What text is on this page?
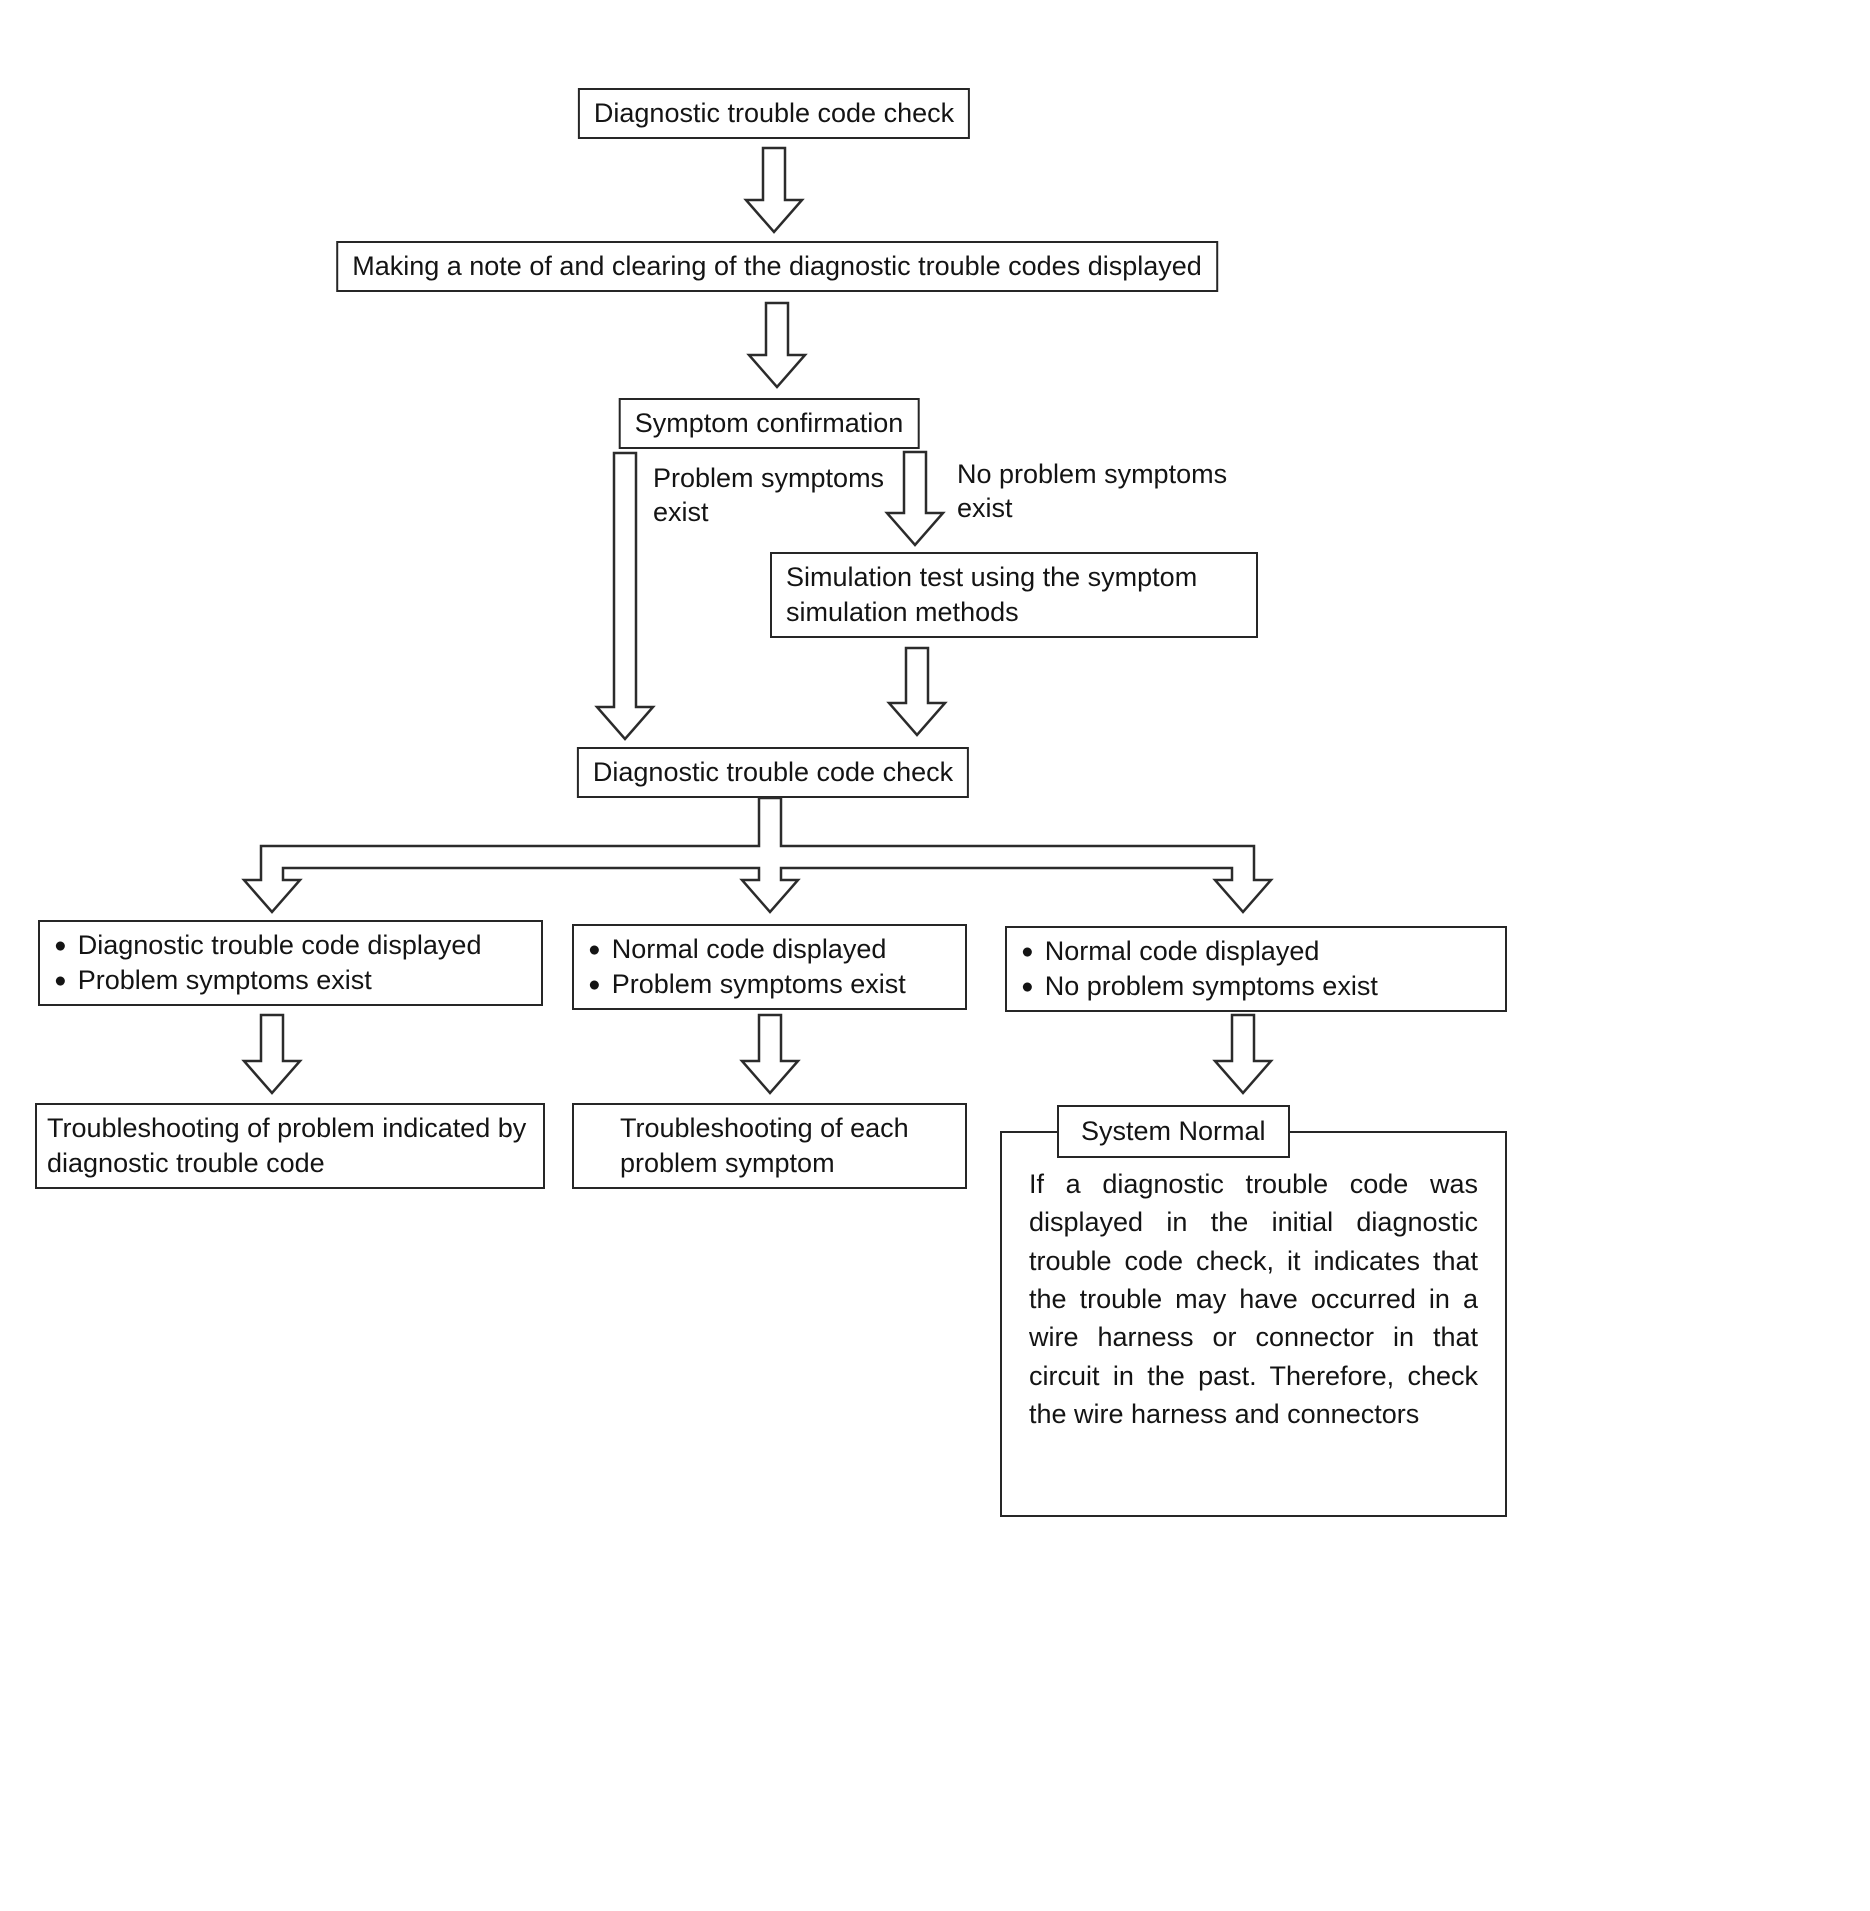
Diagnostic trouble code check
Making a note of and clearing of the diagnostic trouble codes displayed
Symptom confirmation
Problem symptoms exist
No problem symptoms exist
Simulation test using the symptom simulation methods
Diagnostic trouble code check
●
Diagnostic trouble code displayed
●
Problem symptoms exist
●
Normal code displayed
●
Problem symptoms exist
●
Normal code displayed
●
No problem symptoms exist
Troubleshooting of problem indicated by diagnostic trouble code
Troubleshooting of each problem symptom
System Normal
If a diagnostic trouble code was displayed in the initial diagnostic trouble code check, it indicates that the trouble may have occurred in a wire harness or connector in that circuit in the past. Therefore, check the wire harness and connectors
